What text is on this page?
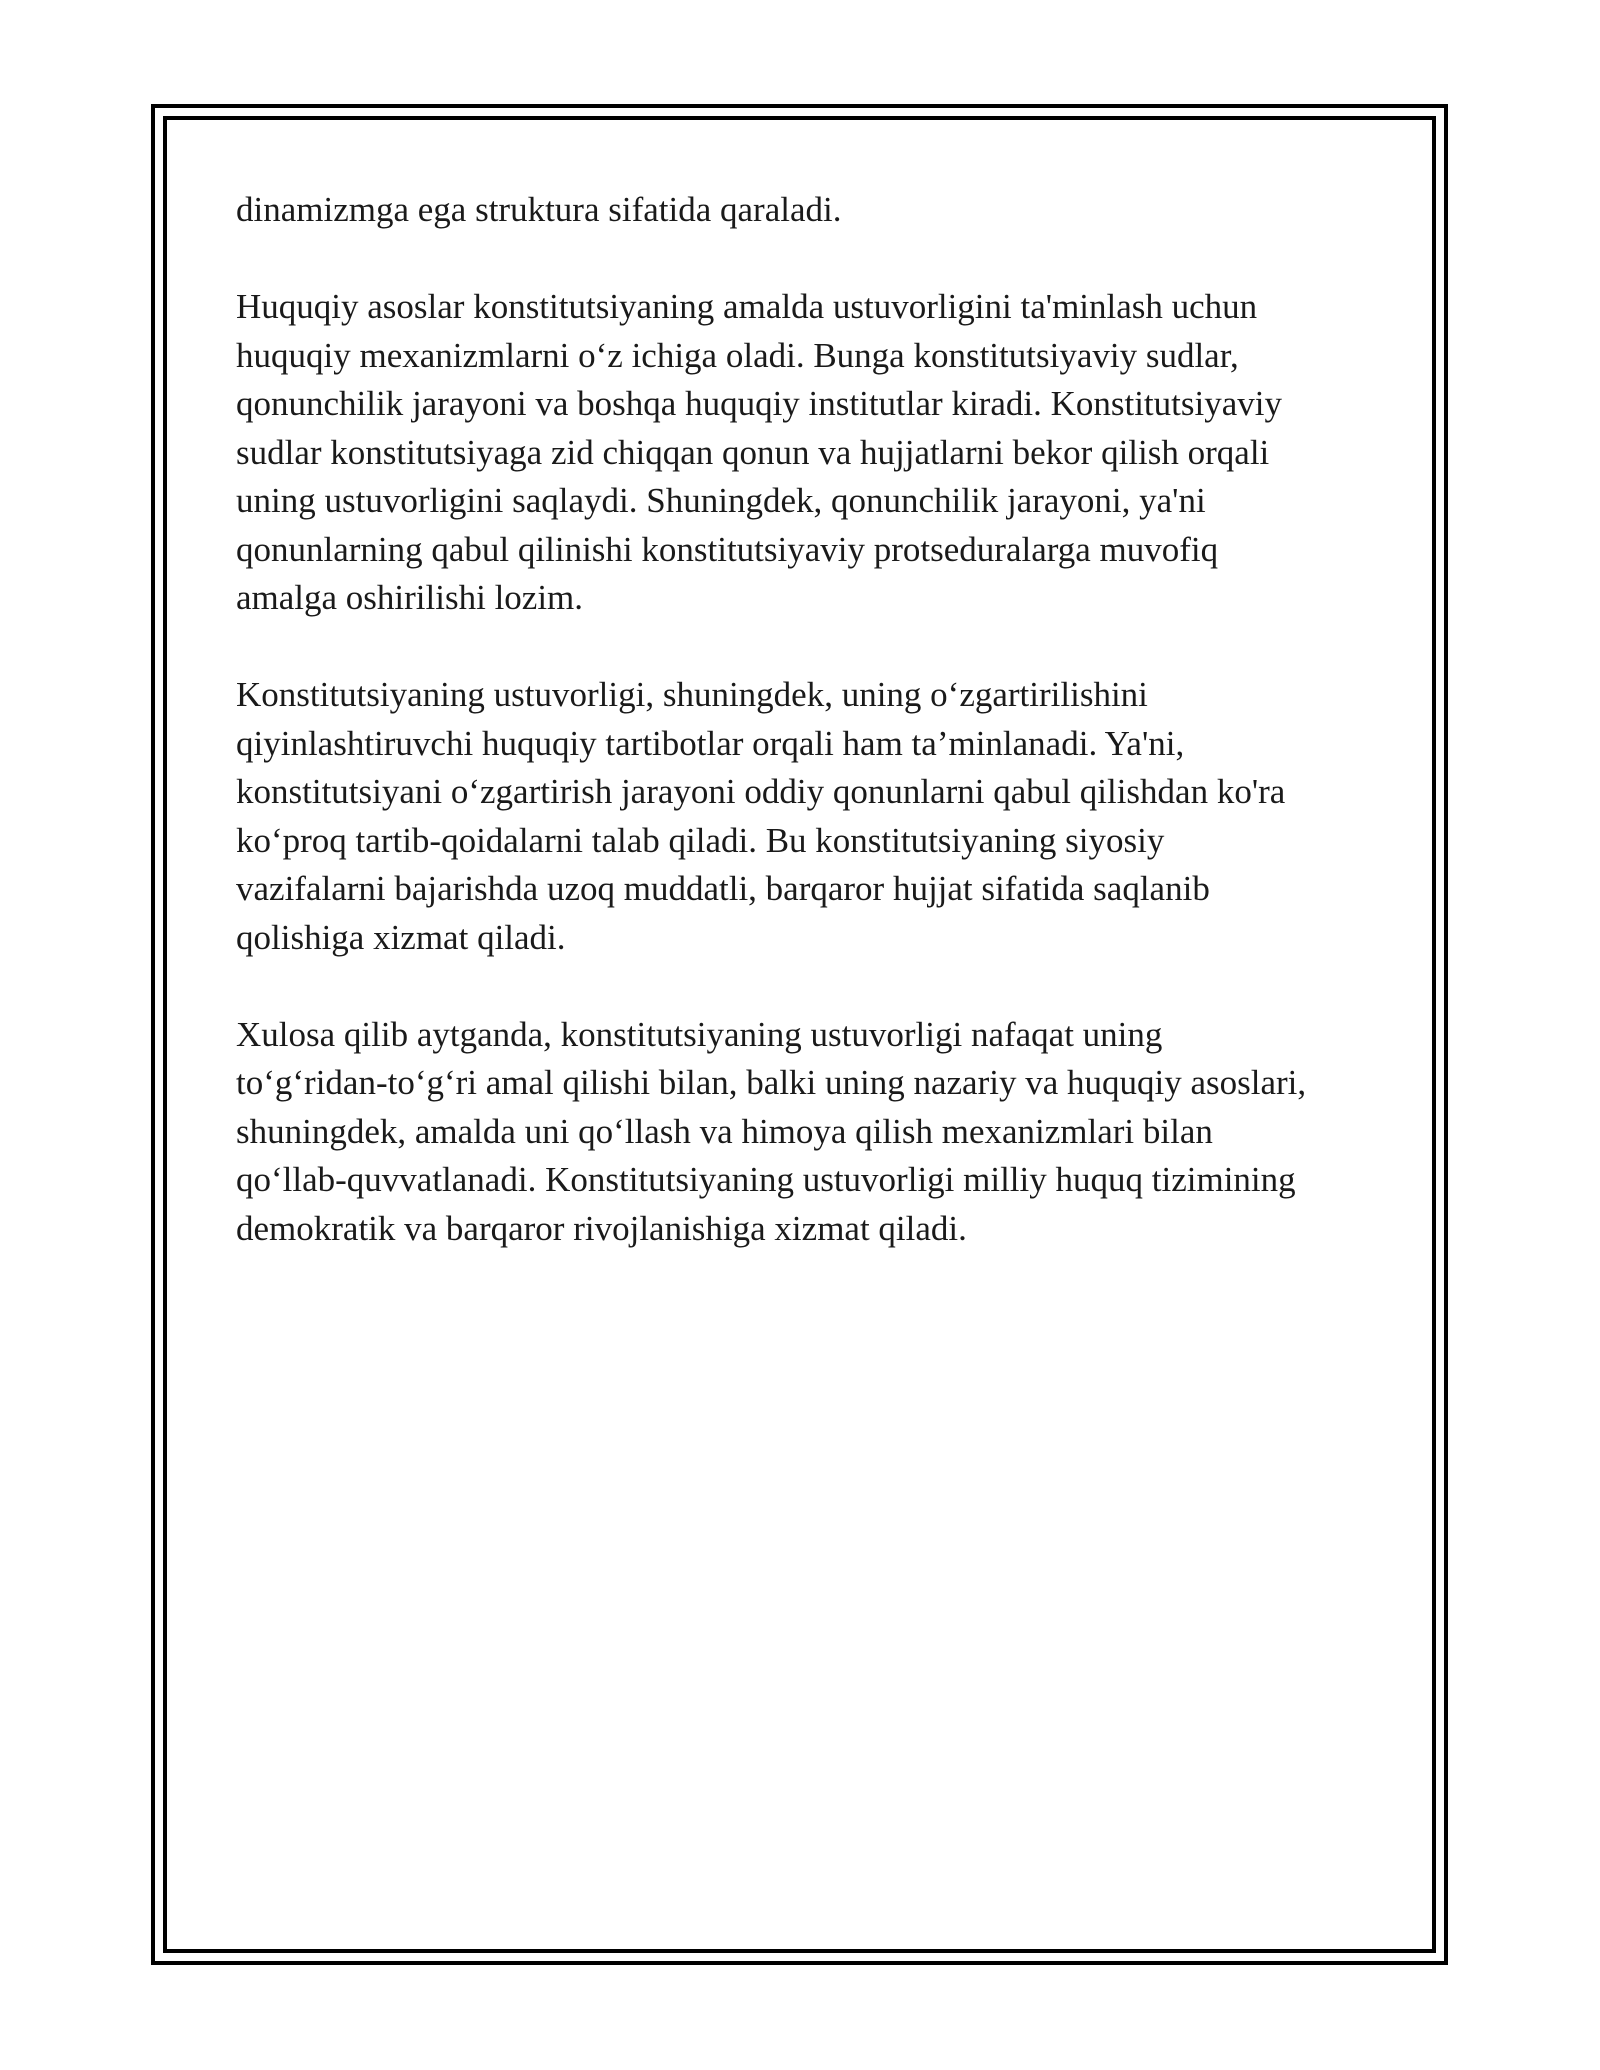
dinamizmga ega struktura sifatida qaraladi.

Huquqiy asoslar konstitutsiyaning amalda ustuvorligini ta'minlash uchun
huquqiy mexanizmlarni o‘z ichiga oladi. Bunga konstitutsiyaviy sudlar,
qonunchilik jarayoni va boshqa huquqiy institutlar kiradi. Konstitutsiyaviy
sudlar konstitutsiyaga zid chiqqan qonun va hujjatlarni bekor qilish orqali
uning ustuvorligini saqlaydi. Shuningdek, qonunchilik jarayoni, ya'ni
qonunlarning qabul qilinishi konstitutsiyaviy protseduralarga muvofiq
amalga oshirilishi lozim.

Konstitutsiyaning ustuvorligi, shuningdek, uning o‘zgartirilishini
qiyinlashtiruvchi huquqiy tartibotlar orqali ham ta’minlanadi. Ya'ni,
konstitutsiyani o‘zgartirish jarayoni oddiy qonunlarni qabul qilishdan ko'ra
ko‘proq tartib-qoidalarni talab qiladi. Bu konstitutsiyaning siyosiy
vazifalarni bajarishda uzoq muddatli, barqaror hujjat sifatida saqlanib
qolishiga xizmat qiladi.

Xulosa qilib aytganda, konstitutsiyaning ustuvorligi nafaqat uning
to‘g‘ridan-to‘g‘ri amal qilishi bilan, balki uning nazariy va huquqiy asoslari,
shuningdek, amalda uni qo‘llash va himoya qilish mexanizmlari bilan
qo‘llab-quvvatlanadi. Konstitutsiyaning ustuvorligi milliy huquq tizimining
demokratik va barqaror rivojlanishiga xizmat qiladi.
